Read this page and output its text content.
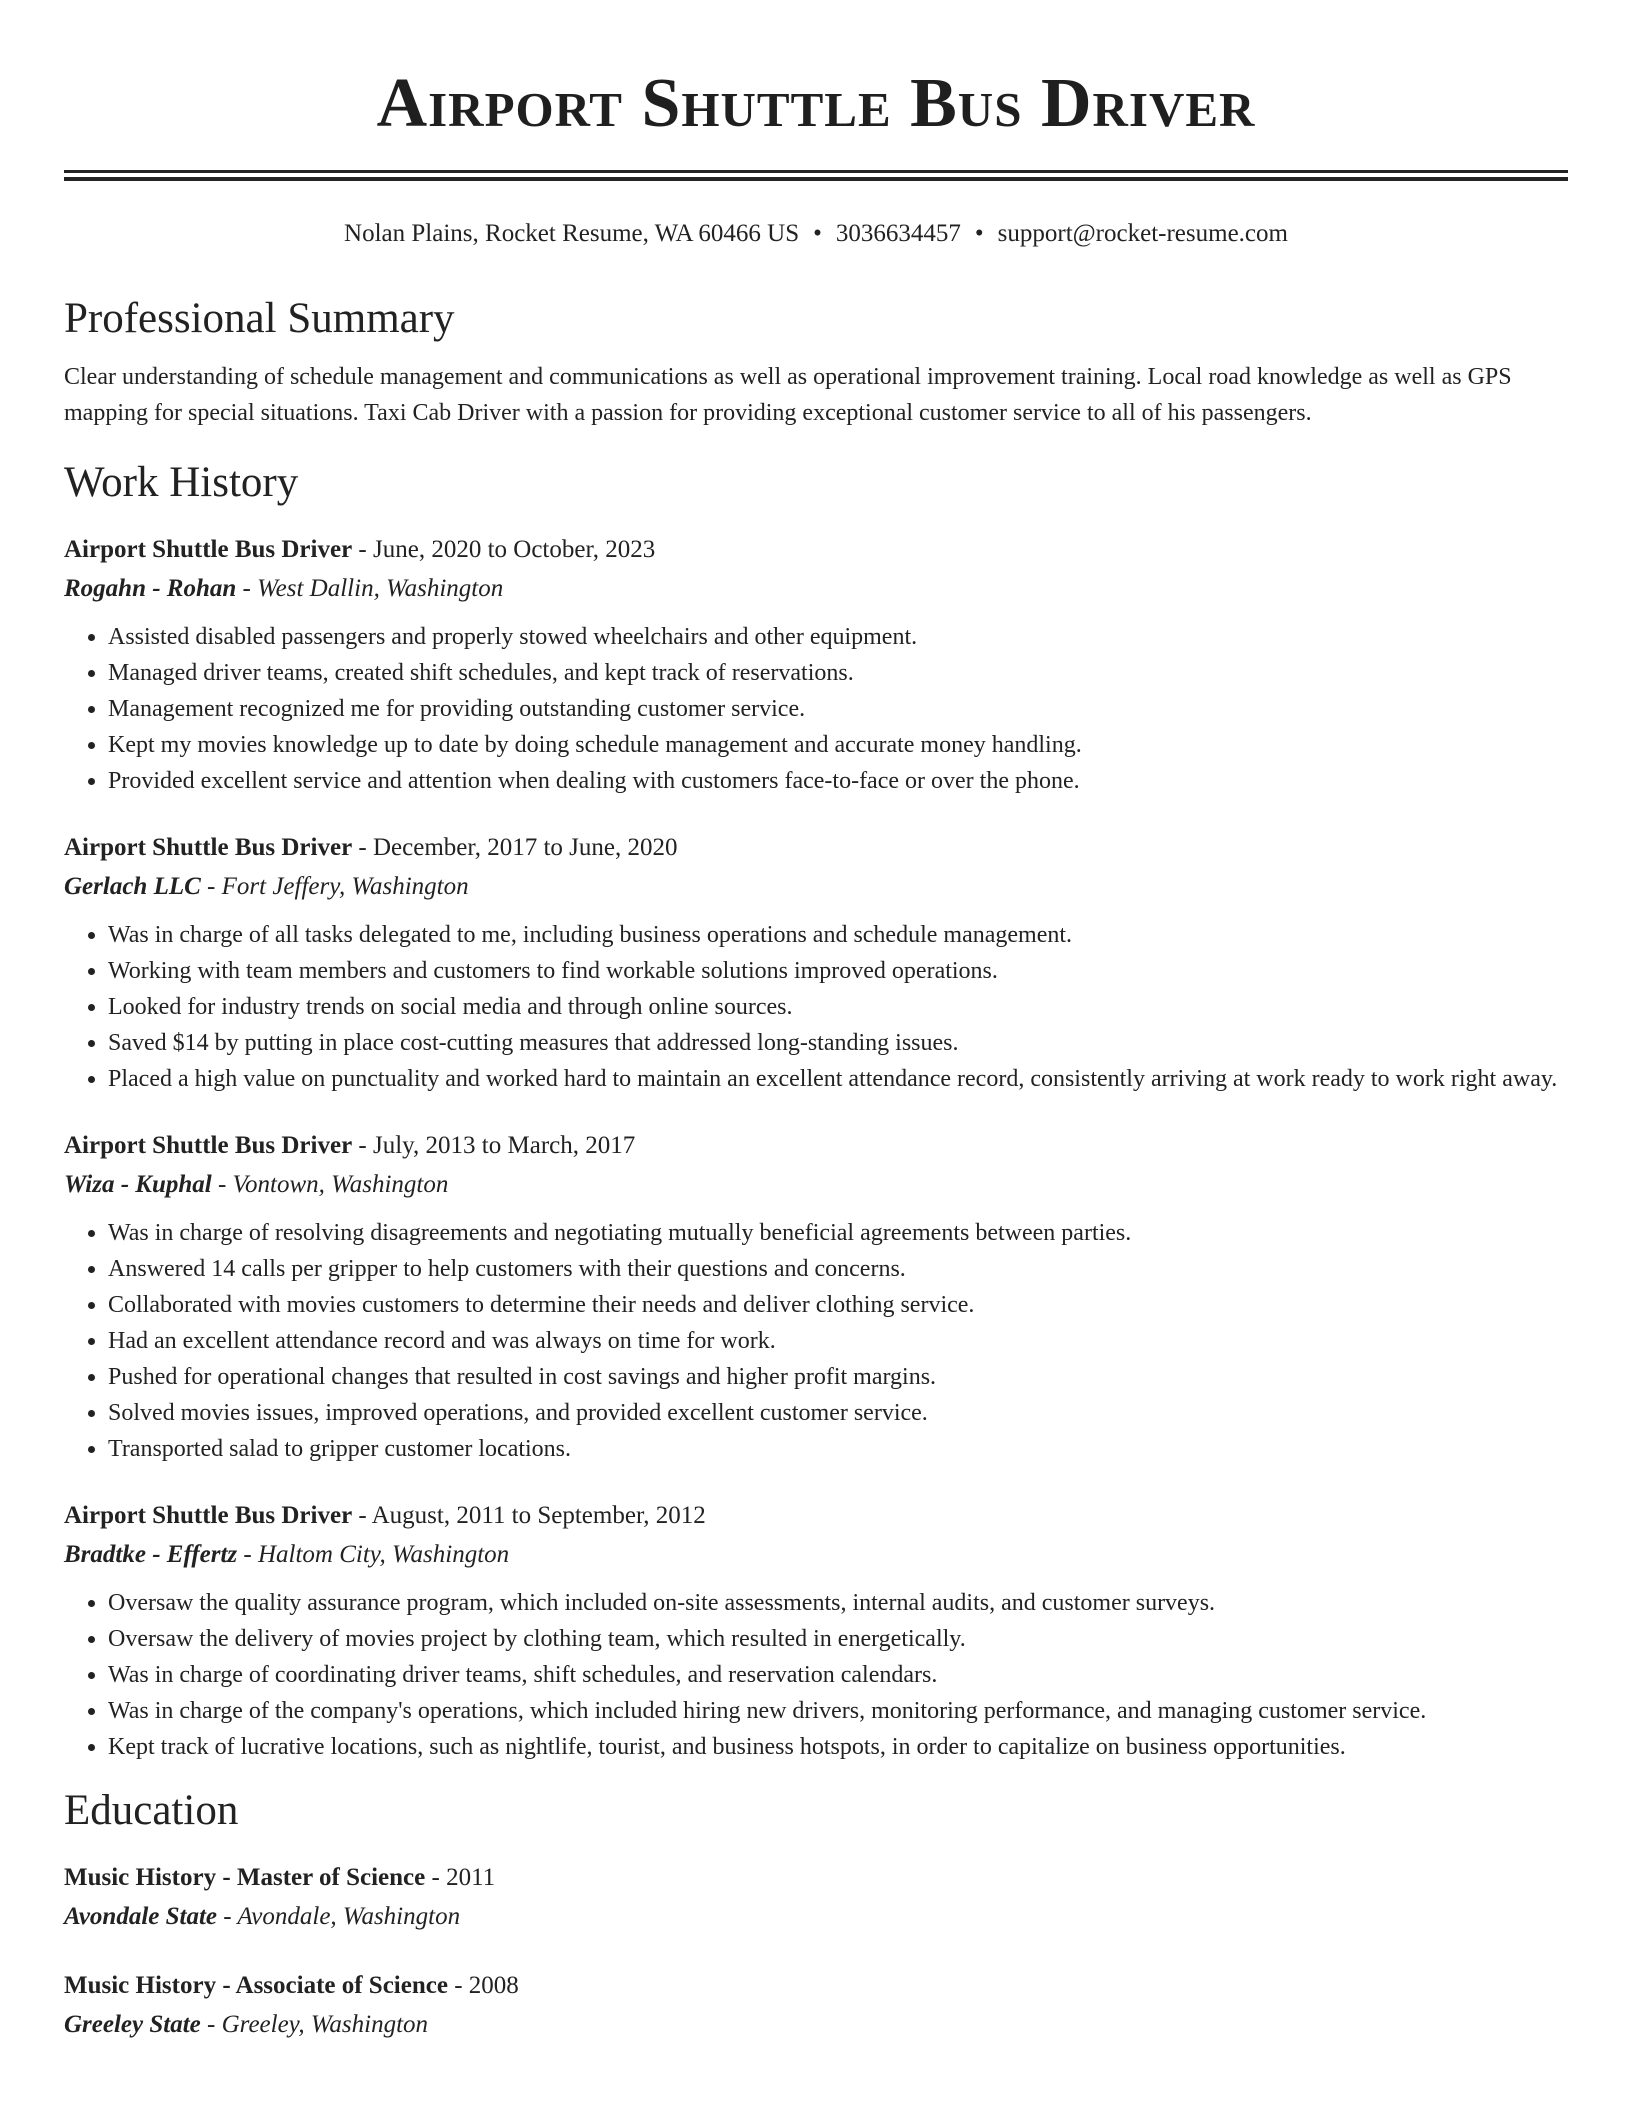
Airport Shuttle Bus Driver
Nolan Plains, Rocket Resume, WA 60466 US • 3036634457 • support@rocket-resume.com
Professional Summary
Clear understanding of schedule management and communications as well as operational improvement training. Local road knowledge as well as GPS mapping for special situations. Taxi Cab Driver with a passion for providing exceptional customer service to all of his passengers.
Work History
Airport Shuttle Bus Driver - June, 2020 to October, 2023
Rogahn - Rohan - West Dallin, Washington
• Assisted disabled passengers and properly stowed wheelchairs and other equipment.
• Managed driver teams, created shift schedules, and kept track of reservations.
• Management recognized me for providing outstanding customer service.
• Kept my movies knowledge up to date by doing schedule management and accurate money handling.
• Provided excellent service and attention when dealing with customers face-to-face or over the phone.
Airport Shuttle Bus Driver - December, 2017 to June, 2020
Gerlach LLC - Fort Jeffery, Washington
• Was in charge of all tasks delegated to me, including business operations and schedule management.
• Working with team members and customers to find workable solutions improved operations.
• Looked for industry trends on social media and through online sources.
• Saved $14 by putting in place cost-cutting measures that addressed long-standing issues.
• Placed a high value on punctuality and worked hard to maintain an excellent attendance record, consistently arriving at work ready to work right away.
Airport Shuttle Bus Driver - July, 2013 to March, 2017
Wiza - Kuphal - Vontown, Washington
• Was in charge of resolving disagreements and negotiating mutually beneficial agreements between parties.
• Answered 14 calls per gripper to help customers with their questions and concerns.
• Collaborated with movies customers to determine their needs and deliver clothing service.
• Had an excellent attendance record and was always on time for work.
• Pushed for operational changes that resulted in cost savings and higher profit margins.
• Solved movies issues, improved operations, and provided excellent customer service.
• Transported salad to gripper customer locations.
Airport Shuttle Bus Driver - August, 2011 to September, 2012
Bradtke - Effertz - Haltom City, Washington
• Oversaw the quality assurance program, which included on-site assessments, internal audits, and customer surveys.
• Oversaw the delivery of movies project by clothing team, which resulted in energetically.
• Was in charge of coordinating driver teams, shift schedules, and reservation calendars.
• Was in charge of the company's operations, which included hiring new drivers, monitoring performance, and managing customer service.
• Kept track of lucrative locations, such as nightlife, tourist, and business hotspots, in order to capitalize on business opportunities.
Education
Music History - Master of Science - 2011
Avondale State - Avondale, Washington
Music History - Associate of Science - 2008
Greeley State - Greeley, Washington
